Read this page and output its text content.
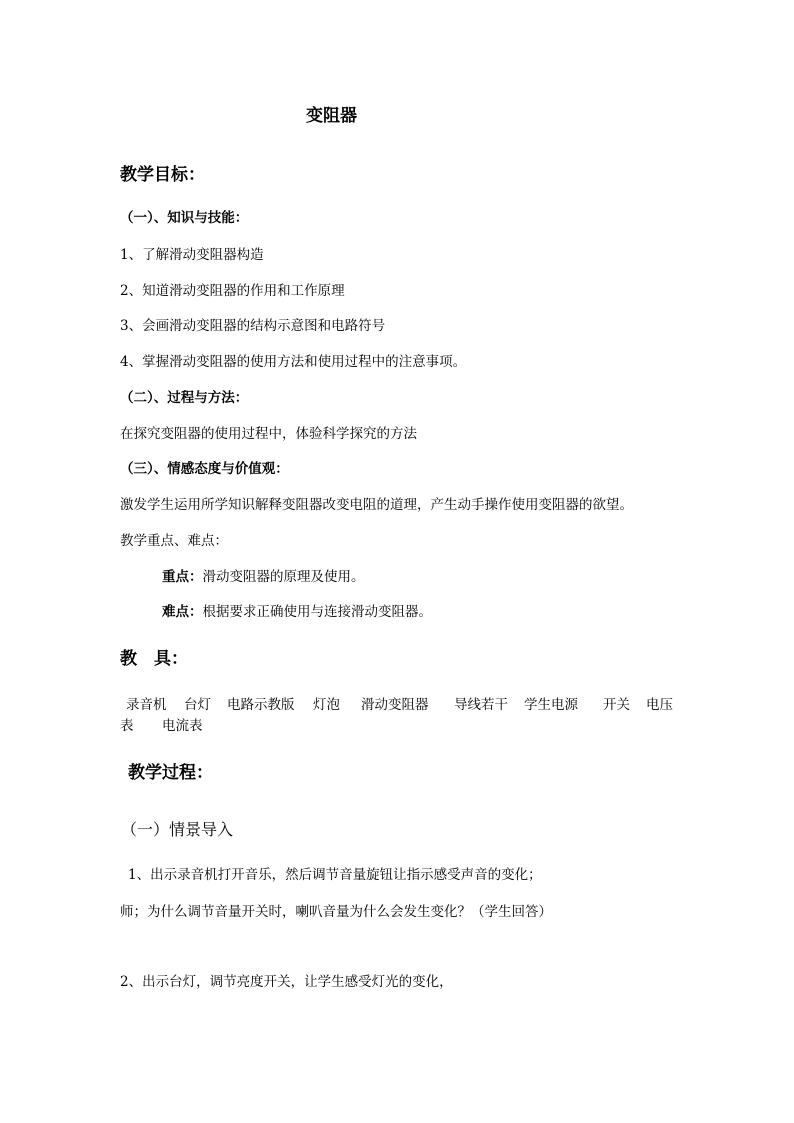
变阻器
教学目标：
（一）、知识与技能：
1、了解滑动变阻器构造
2、知道滑动变阻器的作用和工作原理
3、会画滑动变阻器的结构示意图和电路符号
4、掌握滑动变阻器的使用方法和使用过程中的注意事项。
（二）、过程与方法：
在探究变阻器的使用过程中，体验科学探究的方法
（三）、情感态度与价值观：
激发学生运用所学知识解释变阻器改变电阻的道理，产生动手操作使用变阻器的欲望。
教学重点、难点：
重点：滑动变阻器的原理及使用。
难点：根据要求正确使用与连接滑动变阻器。
教　具：
录音机 台灯 电路示教版 灯泡 滑动变阻器 导线若干 学生电源 开关 电压
表 电流表
教学过程：
（一）情景导入
1、出示录音机打开音乐，然后调节音量旋钮让指示感受声音的变化；
师；为什么调节音量开关时，喇叭音量为什么会发生变化？（学生回答）
2、出示台灯，调节亮度开关，让学生感受灯光的变化，
